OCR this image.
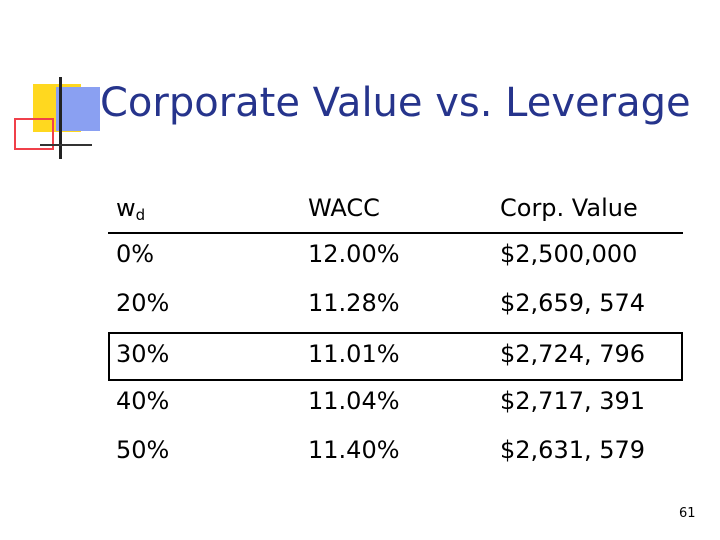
Corporate Value vs. Leverage
$w_d$	WACC	Corp. Value
0%	12.00%	$2,500,000
20%	11.28%	$2,659, 574
30%	11.01%	$2,724, 796
40%	11.04%	$2,717, 391
50%	11.40%	$2,631, 579
61
